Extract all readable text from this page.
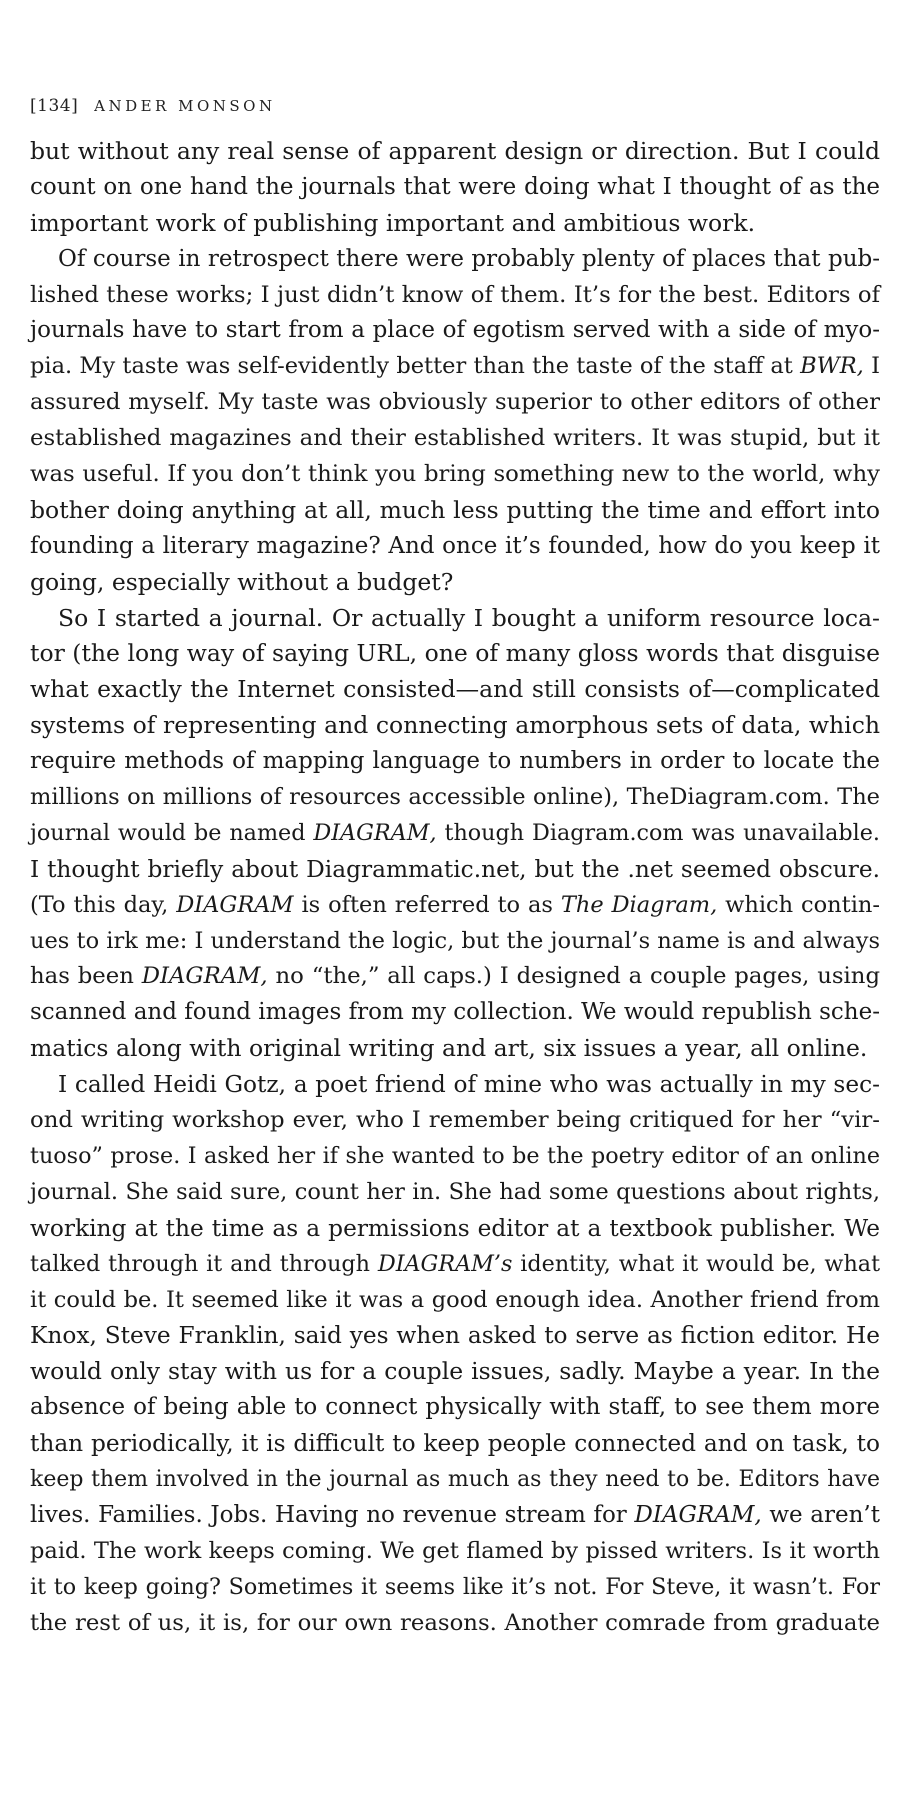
[134] ANDER MONSON
but without any real sense of apparent design or direction. But I could
count on one hand the journals that were doing what I thought of as the
important work of publishing important and ambitious work.
Of course in retrospect there were probably plenty of places that pub-
lished these works; I just didn’t know of them. It’s for the best. Editors of
journals have to start from a place of egotism served with a side of myo-
pia. My taste was self-evidently better than the taste of the staff at BWR, I
assured myself. My taste was obviously superior to other editors of other
established magazines and their established writers. It was stupid, but it
was useful. If you don’t think you bring something new to the world, why
bother doing anything at all, much less putting the time and effort into
founding a literary magazine? And once it’s founded, how do you keep it
going, especially without a budget?
So I started a journal. Or actually I bought a uniform resource loca-
tor (the long way of saying URL, one of many gloss words that disguise
what exactly the Internet consisted—and still consists of—complicated
systems of representing and connecting amorphous sets of data, which
require methods of mapping language to numbers in order to locate the
millions on millions of resources accessible online), TheDiagram.com. The
journal would be named DIAGRAM, though Diagram.com was unavailable.
I thought briefly about Diagrammatic.net, but the .net seemed obscure.
(To this day, DIAGRAM is often referred to as The Diagram, which contin-
ues to irk me: I understand the logic, but the journal’s name is and always
has been DIAGRAM, no “the,” all caps.) I designed a couple pages, using
scanned and found images from my collection. We would republish sche-
matics along with original writing and art, six issues a year, all online.
I called Heidi Gotz, a poet friend of mine who was actually in my sec-
ond writing workshop ever, who I remember being critiqued for her “vir-
tuoso” prose. I asked her if she wanted to be the poetry editor of an online
journal. She said sure, count her in. She had some questions about rights,
working at the time as a permissions editor at a textbook publisher. We
talked through it and through DIAGRAM’s identity, what it would be, what
it could be. It seemed like it was a good enough idea. Another friend from
Knox, Steve Franklin, said yes when asked to serve as fiction editor. He
would only stay with us for a couple issues, sadly. Maybe a year. In the
absence of being able to connect physically with staff, to see them more
than periodically, it is difficult to keep people connected and on task, to
keep them involved in the journal as much as they need to be. Editors have
lives. Families. Jobs. Having no revenue stream for DIAGRAM, we aren’t
paid. The work keeps coming. We get flamed by pissed writers. Is it worth
it to keep going? Sometimes it seems like it’s not. For Steve, it wasn’t. For
the rest of us, it is, for our own reasons. Another comrade from graduate
